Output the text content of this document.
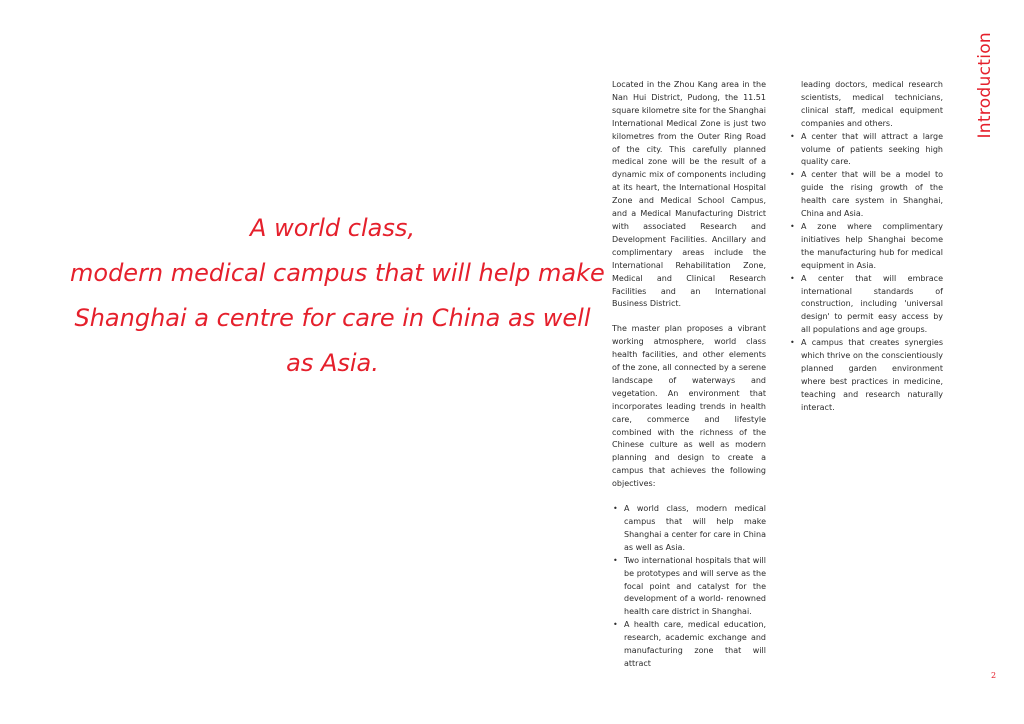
A world class,
modern medical campus that will help make
Shanghai a centre for care in China as well
as Asia.

Located in the Zhou Kang area in the Nan Hui District, Pudong, the 11.51 square kilometre site for the Shanghai International Medical Zone is just two kilometres from the Outer Ring Road of the city. This carefully planned medical zone will be the result of a dynamic mix of components including at its heart, the International Hospital Zone and Medical School Campus, and a Medical Manufacturing District with associated Research and Development Facilities. Ancillary and complimentary areas include the International Rehabilitation Zone, Medical and Clinical Research Facilities and an International Business District.

The master plan proposes a vibrant working atmosphere, world class health facilities, and other elements of the zone, all connected by a serene landscape of waterways and vegetation. An environment that incorporates leading trends in health care, commerce and lifestyle combined with the richness of the Chinese culture as well as modern planning and design to create a campus that achieves the following objectives:

• A world class, modern medical campus that will help make Shanghai a center for care in China as well as Asia.
• Two international hospitals that will be prototypes and will serve as the focal point and catalyst for the development of a world- renowned health care district in Shanghai.
• A health care, medical education, research, academic exchange and manufacturing zone that will attract
leading doctors, medical research scientists, medical technicians, clinical staff, medical equipment companies and others.
• A center that will attract a large volume of patients seeking high quality care.
• A center that will be a model to guide the rising growth of the health care system in Shanghai, China and Asia.
• A zone where complimentary initiatives help Shanghai become the manufacturing hub for medical equipment in Asia.
• A center that will embrace international standards of construction, including 'universal design' to permit easy access by all populations and age groups.
• A campus that creates synergies which thrive on the conscientiously planned garden environment where best practices in medicine, teaching and research naturally interact.
Introduction
2
